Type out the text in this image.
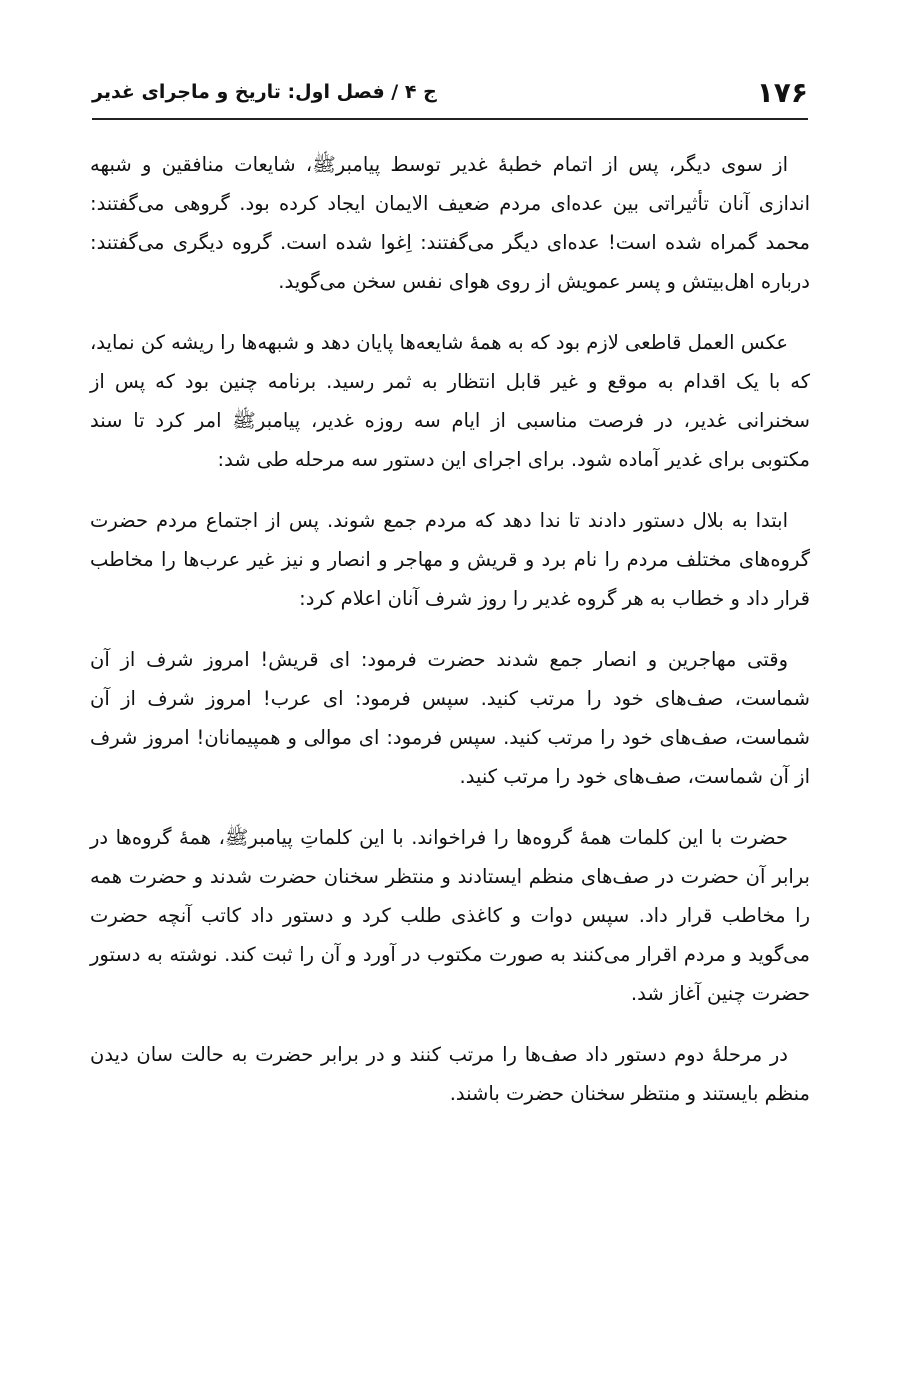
۱۷۶
ج ۴ / فصل اول: تاریخ و ماجرای غدیر

از سوی دیگر، پس از اتمام خطبهٔ غدیر توسط پیامبرﷺ، شایعات منافقین و شبهه اندازی آنان تأثیراتی بین عده‌ای مردم ضعیف الایمان ایجاد کرده بود. گروهی می‌گفتند: محمد گمراه شده است! عده‌ای دیگر می‌گفتند: اِغوا شده است. گروه دیگری می‌گفتند: درباره اهل‌بیتش و پسر عمویش از روی هوای نفس سخن می‌گوید.

عکس العمل قاطعی لازم بود که به همهٔ شایعه‌ها پایان دهد و شبهه‌ها را ریشه کن نماید، که با یک اقدام به موقع و غیر قابل انتظار به ثمر رسید. برنامه چنین بود که پس از سخنرانی غدیر، در فرصت مناسبی از ایام سه روزه غدیر، پیامبرﷺ امر کرد تا سند مکتوبی برای غدیر آماده شود. برای اجرای این دستور سه مرحله طی شد:

ابتدا به بلال دستور دادند تا ندا دهد که مردم جمع شوند. پس از اجتماع مردم حضرت گروه‌های مختلف مردم را نام برد و قریش و مهاجر و انصار و نیز غیر عرب‌ها را مخاطب قرار داد و خطاب به هر گروه غدیر را روز شرف آنان اعلام کرد:

وقتی مهاجرین و انصار جمع شدند حضرت فرمود: ای قریش! امروز شرف از آن شماست، صف‌های خود را مرتب کنید. سپس فرمود: ای عرب! امروز شرف از آن شماست، صف‌های خود را مرتب کنید. سپس فرمود: ای موالی و همپیمانان! امروز شرف از آن شماست، صف‌های خود را مرتب کنید.

حضرت با این کلمات همهٔ گروه‌ها را فراخواند. با این کلماتِ پیامبرﷺ، همهٔ گروه‌ها در برابر آن حضرت در صف‌های منظم ایستادند و منتظر سخنان حضرت شدند و حضرت همه را مخاطب قرار داد. سپس دوات و کاغذی طلب کرد و دستور داد کاتب آنچه حضرت می‌گوید و مردم اقرار می‌کنند به صورت مکتوب در آورد و آن را ثبت کند. نوشته به دستور حضرت چنین آغاز شد.

در مرحلهٔ دوم دستور داد صف‌ها را مرتب کنند و در برابر حضرت به حالت سان دیدن منظم بایستند و منتظر سخنان حضرت باشند.
